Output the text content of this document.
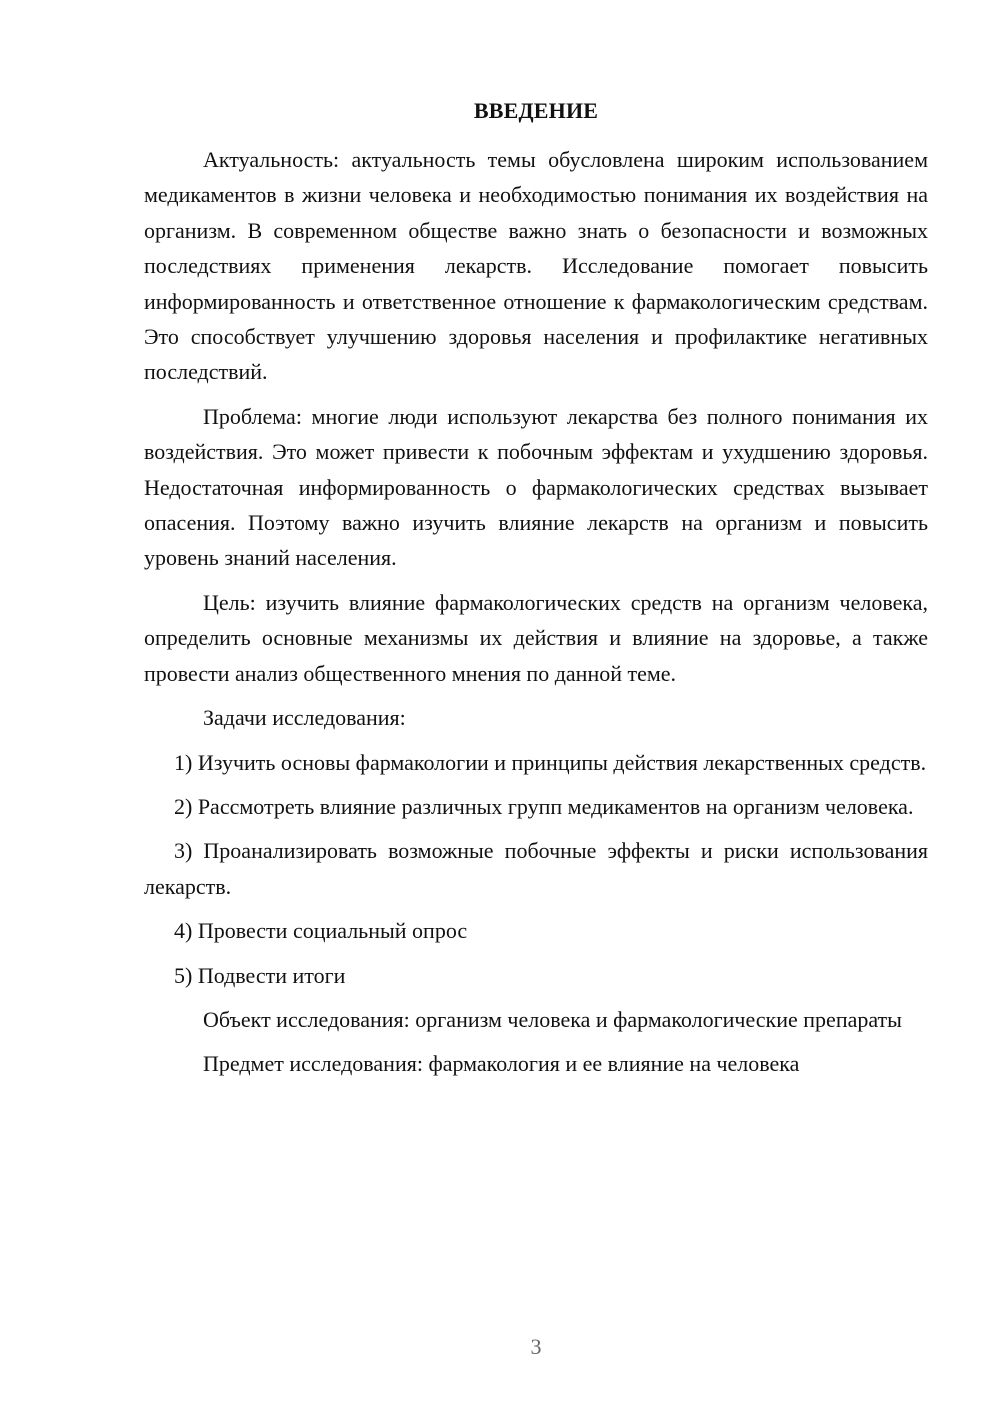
ВВЕДЕНИЕ

Актуальность: актуальность темы обусловлена широким использованием медикаментов в жизни человека и необходимостью понимания их воздействия на организм. В современном обществе важно знать о безопасности и возможных последствиях применения лекарств. Исследование помогает повысить информированность и ответственное отношение к фармакологическим средствам. Это способствует улучшению здоровья населения и профилактике негативных последствий.

Проблема: многие люди используют лекарства без полного понимания их воздействия. Это может привести к побочным эффектам и ухудшению здоровья. Недостаточная информированность о фармакологических средствах вызывает опасения. Поэтому важно изучить влияние лекарств на организм и повысить уровень знаний населения.

Цель: изучить влияние фармакологических средств на организм человека, определить основные механизмы их действия и влияние на здоровье, а также провести анализ общественного мнения по данной теме.

Задачи исследования:

1) Изучить основы фармакологии и принципы действия лекарственных средств.

2) Рассмотреть влияние различных групп медикаментов на организм человека.

3) Проанализировать возможные побочные эффекты и риски использования лекарств.

4) Провести социальный опрос

5) Подвести итоги

Объект исследования: организм человека и фармакологические препараты

Предмет исследования: фармакология и ее влияние на человека

3
